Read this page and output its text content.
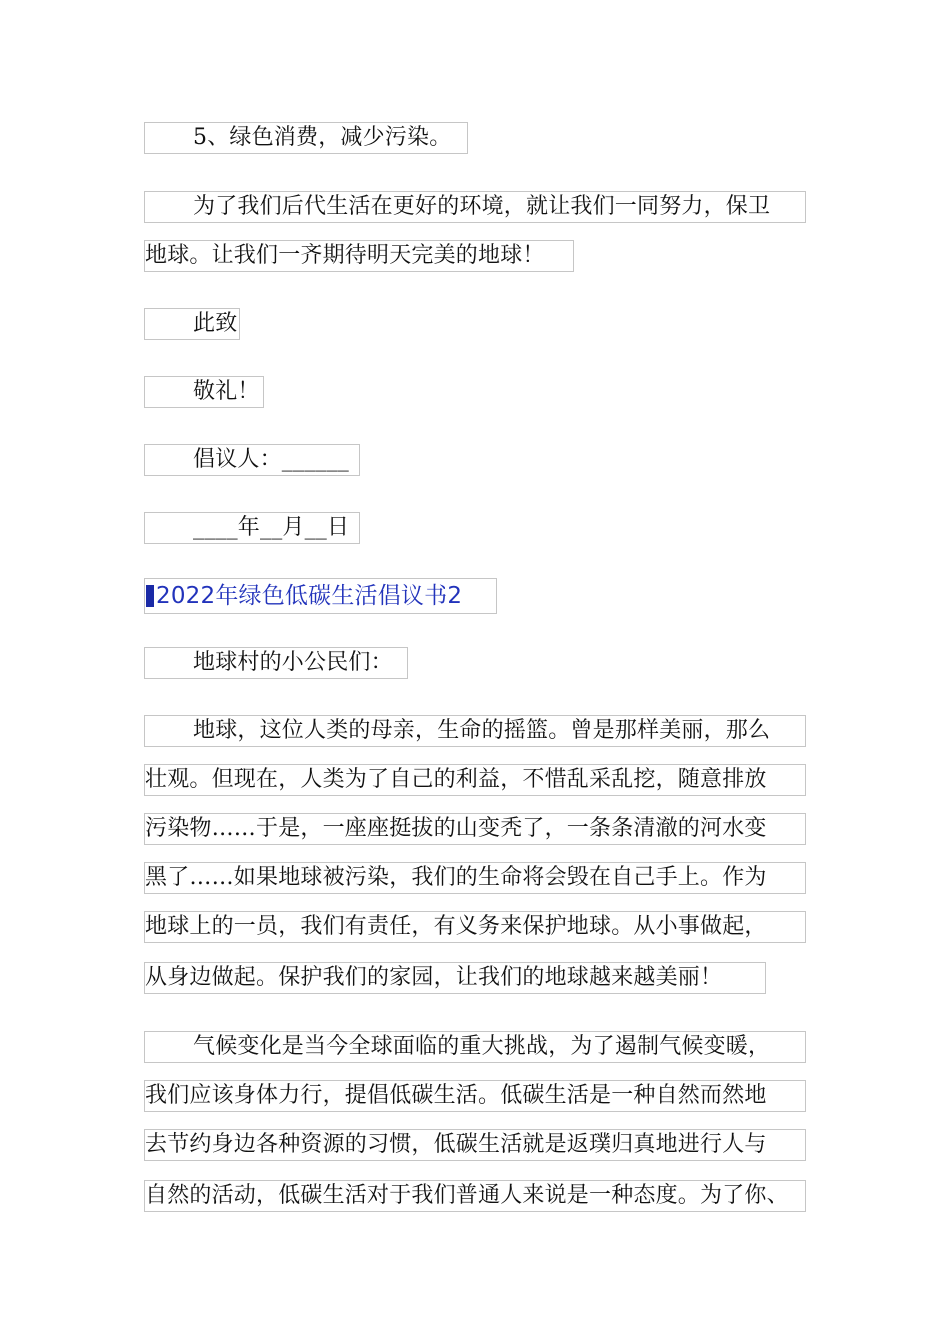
5、绿色消费，减少污染。
为了我们后代生活在更好的环境，就让我们一同努力，保卫
地球。让我们一齐期待明天完美的地球！
此致
敬礼！
倡议人：______
____年__月__日
2022年绿色低碳生活倡议书2
地球村的小公民们：
地球，这位人类的母亲，生命的摇篮。曾是那样美丽，那么
壮观。但现在，人类为了自己的利益，不惜乱采乱挖，随意排放
污染物……于是，一座座挺拔的山变秃了，一条条清澈的河水变
黑了……如果地球被污染，我们的生命将会毁在自己手上。作为
地球上的一员，我们有责任，有义务来保护地球。从小事做起，
从身边做起。保护我们的家园，让我们的地球越来越美丽！
气候变化是当今全球面临的重大挑战，为了遏制气候变暖，
我们应该身体力行，提倡低碳生活。低碳生活是一种自然而然地
去节约身边各种资源的习惯，低碳生活就是返璞归真地进行人与
自然的活动，低碳生活对于我们普通人来说是一种态度。为了你、
